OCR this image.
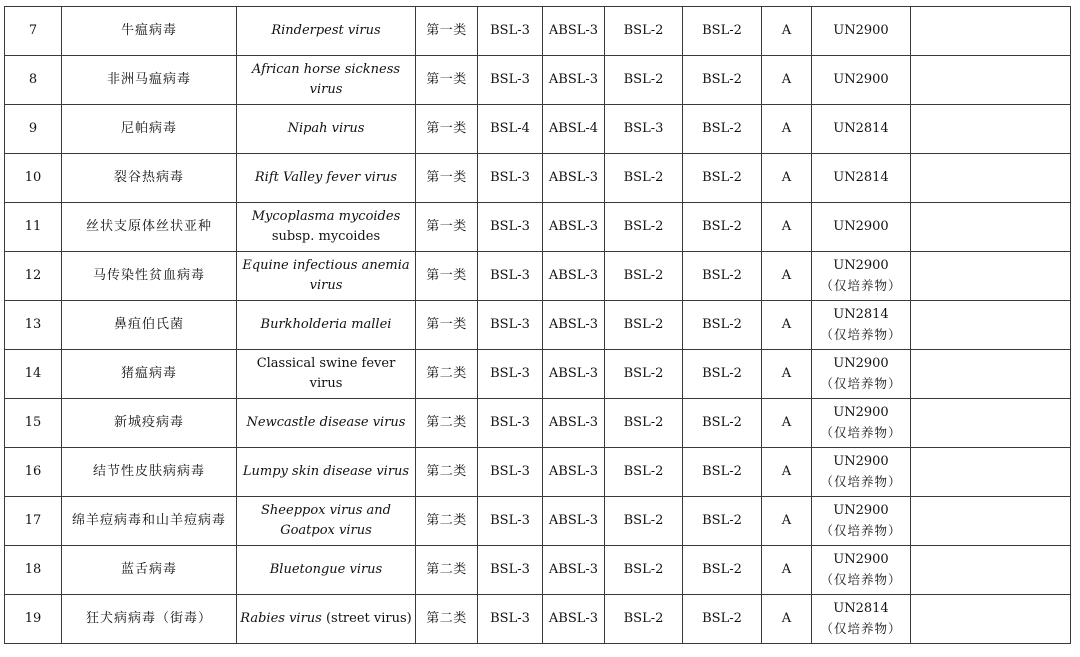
7	牛瘟病毒	Rinderpest virus	第一类	BSL-3	ABSL-3	BSL-2	BSL-2	A	UN2900	

8	非洲马瘟病毒	African horse sickness virus	第一类	BSL-3	ABSL-3	BSL-2	BSL-2	A	UN2900	

9	尼帕病毒	Nipah virus	第一类	BSL-4	ABSL-4	BSL-3	BSL-2	A	UN2814	

10	裂谷热病毒	Rift Valley fever virus	第一类	BSL-3	ABSL-3	BSL-2	BSL-2	A	UN2814	

11	丝状支原体丝状亚种	Mycoplasma mycoides
subsp. mycoides	第一类	BSL-3	ABSL-3	BSL-2	BSL-2	A	UN2900	

12	马传染性贫血病毒	Equine infectious anemia
virus	第一类	BSL-3	ABSL-3	BSL-2	BSL-2	A	UN2900
（仅培养物）	

13	鼻疽伯氏菌	Burkholderia mallei	第一类	BSL-3	ABSL-3	BSL-2	BSL-2	A	UN2814
（仅培养物）	

14	猪瘟病毒	Classical swine fever virus	第二类	BSL-3	ABSL-3	BSL-2	BSL-2	A	UN2900
（仅培养物）	

15	新城疫病毒	Newcastle disease virus	第二类	BSL-3	ABSL-3	BSL-2	BSL-2	A	UN2900
（仅培养物）	

16	结节性皮肤病病毒	Lumpy skin disease virus	第二类	BSL-3	ABSL-3	BSL-2	BSL-2	A	UN2900
（仅培养物）	

17	绵羊痘病毒和山羊痘病毒	Sheeppox virus and
Goatpox virus	第二类	BSL-3	ABSL-3	BSL-2	BSL-2	A	UN2900
（仅培养物）	

18	蓝舌病毒	Bluetongue virus	第二类	BSL-3	ABSL-3	BSL-2	BSL-2	A	UN2900
（仅培养物）	

19	狂犬病病毒（街毒）	Rabies virus (street virus)	第二类	BSL-3	ABSL-3	BSL-2	BSL-2	A	UN2814
（仅培养物）	
